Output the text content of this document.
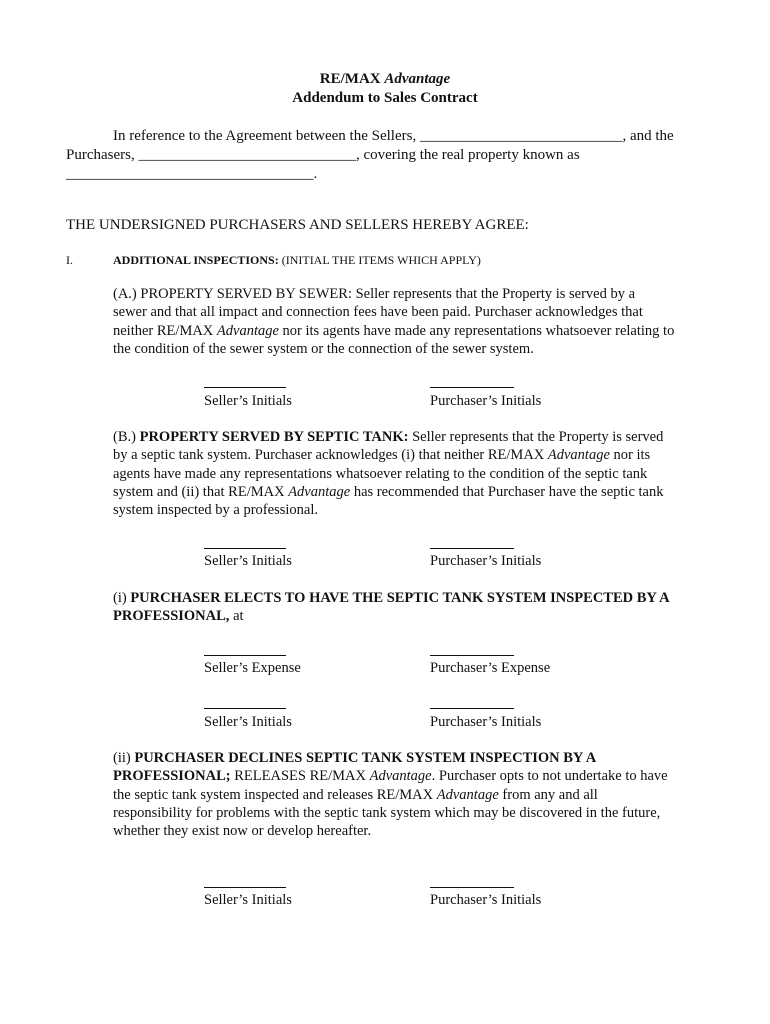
RE/MAX Advantage
Addendum to Sales Contract
In reference to the Agreement between the Sellers, ___________________________, and the
Purchasers, _____________________________, covering the real property known as
_________________________________.
THE UNDERSIGNED PURCHASERS AND SELLERS HEREBY AGREE:
I.	ADDITIONAL INSPECTIONS: (INITIAL THE ITEMS WHICH APPLY)
(A.) PROPERTY SERVED BY SEWER: Seller represents that the Property is served by a
sewer and that all impact and connection fees have been paid. Purchaser acknowledges that
neither RE/MAX Advantage nor its agents have made any representations whatsoever relating to
the condition of the sewer system or the connection of the sewer system.
Seller’s Initials	Purchaser’s Initials
(B.) PROPERTY SERVED BY SEPTIC TANK: Seller represents that the Property is served
by a septic tank system. Purchaser acknowledges (i) that neither RE/MAX Advantage nor its
agents have made any representations whatsoever relating to the condition of the septic tank
system and (ii) that RE/MAX Advantage has recommended that Purchaser have the septic tank
system inspected by a professional.
Seller’s Initials	Purchaser’s Initials
(i) PURCHASER ELECTS TO HAVE THE SEPTIC TANK SYSTEM INSPECTED BY A
PROFESSIONAL, at
Seller’s Expense	Purchaser’s Expense
Seller’s Initials	Purchaser’s Initials
(ii) PURCHASER DECLINES SEPTIC TANK SYSTEM INSPECTION BY A
PROFESSIONAL; RELEASES RE/MAX Advantage. Purchaser opts to not undertake to have
the septic tank system inspected and releases RE/MAX Advantage from any and all
responsibility for problems with the septic tank system which may be discovered in the future,
whether they exist now or develop hereafter.
Seller’s Initials	Purchaser’s Initials
